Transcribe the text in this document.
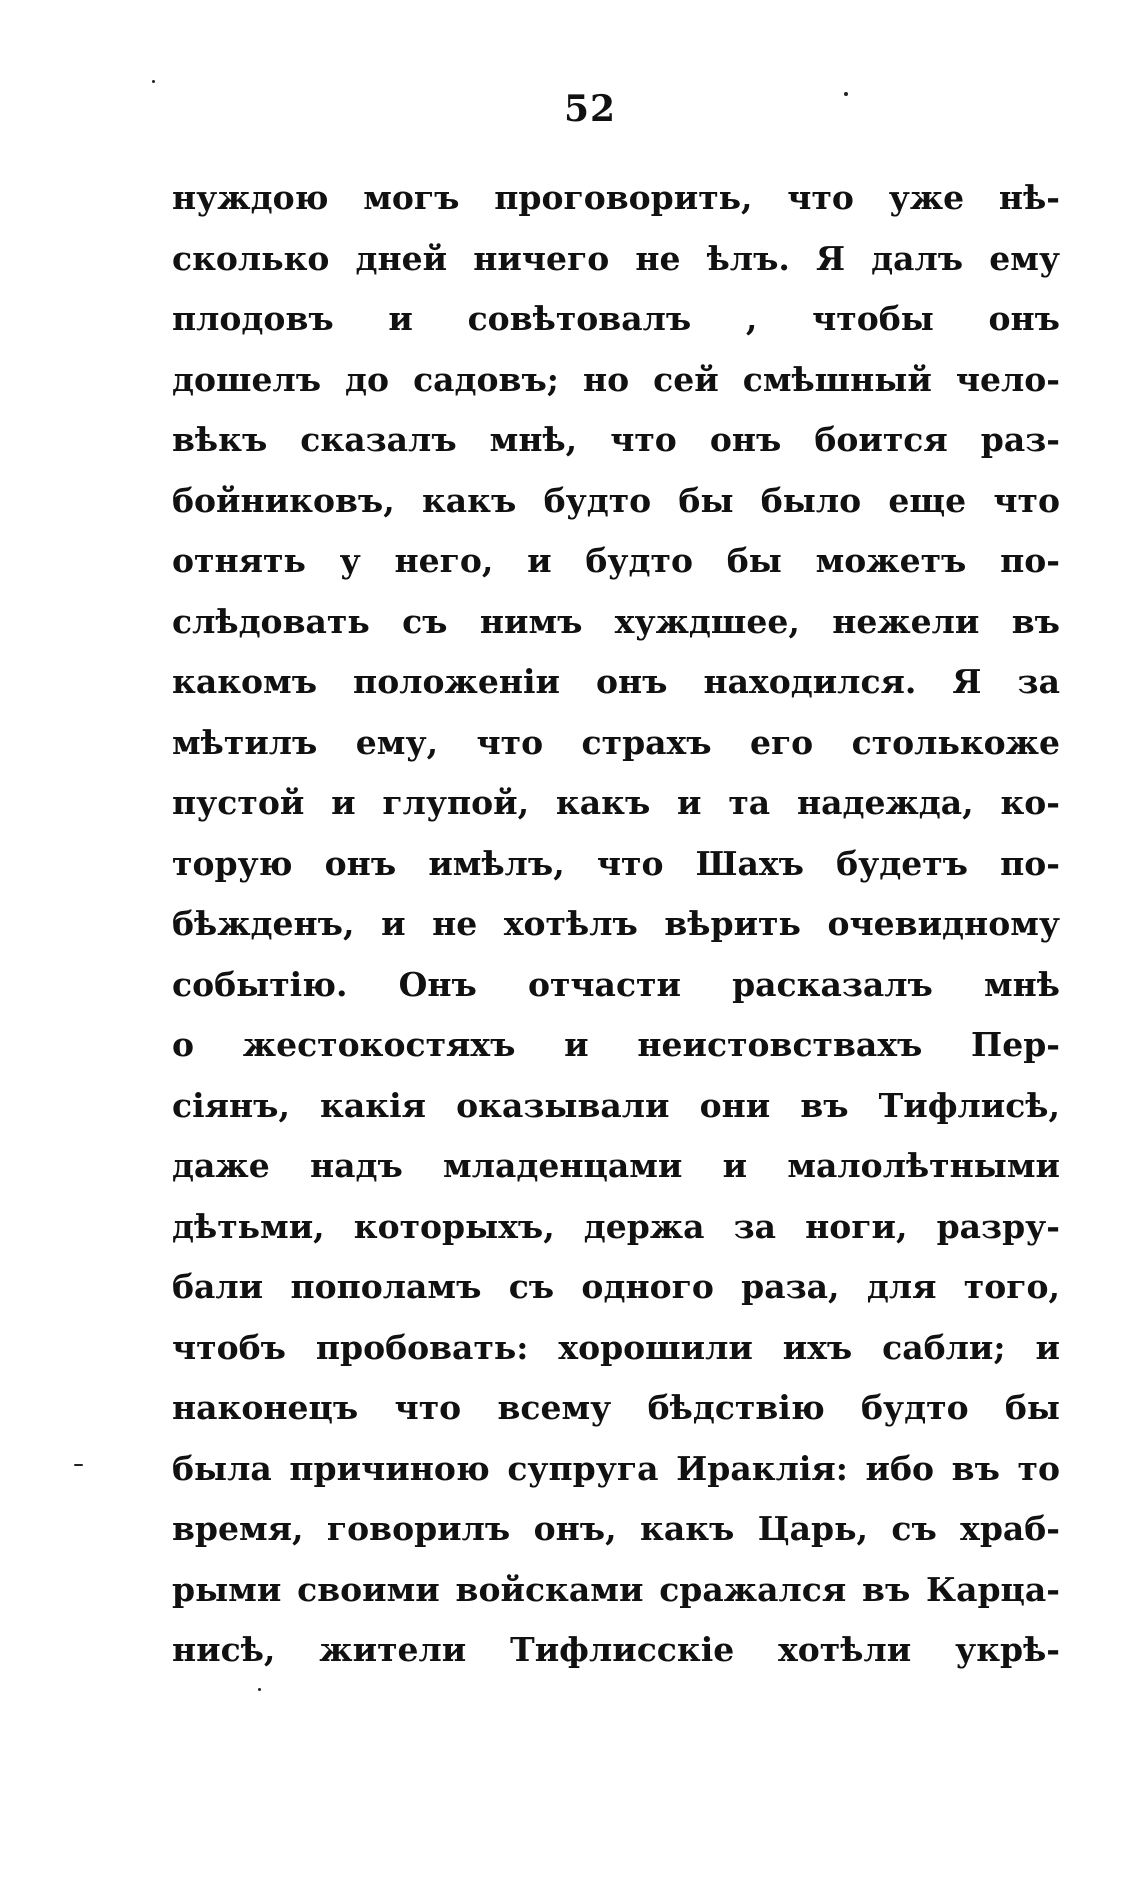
52
нуждою могъ проговорить, что уже нѣ-
сколько дней ничего не ѣлъ. Я далъ ему
плодовъ и совѣтовалъ , чтобы онъ
дошелъ до садовъ; но сей смѣшный чело-
вѣкъ сказалъ мнѣ, что онъ боится раз-
бойниковъ, какъ будто бы было еще что
отнять у него, и будто бы можетъ по-
слѣдовать съ нимъ хуждшее, нежели въ
какомъ положеніи онъ находился. Я за
мѣтилъ ему, что страхъ его столькоже
пустой и глупой, какъ и та надежда, ко-
торую онъ имѣлъ, что Шахъ будетъ по-
бѣжденъ, и не хотѣлъ вѣрить очевидному
событію. Онъ отчасти расказалъ мнѣ
о жестокостяхъ и неистовствахъ Пер-
сіянъ, какія оказывали они въ Тифлисѣ,
даже надъ младенцами и малолѣтными
дѣтьми, которыхъ, держа за ноги, разру-
бали пополамъ съ одного раза, для того,
чтобъ пробовать: хорошили ихъ сабли; и
наконецъ что всему бѣдствію будто бы
была причиною супруга Ираклія: ибо въ то
время, говорилъ онъ, какъ Царь, съ храб-
рыми своими войсками сражался въ Карца-
нисѣ, жители Тифлисскіе хотѣли укрѣ-
